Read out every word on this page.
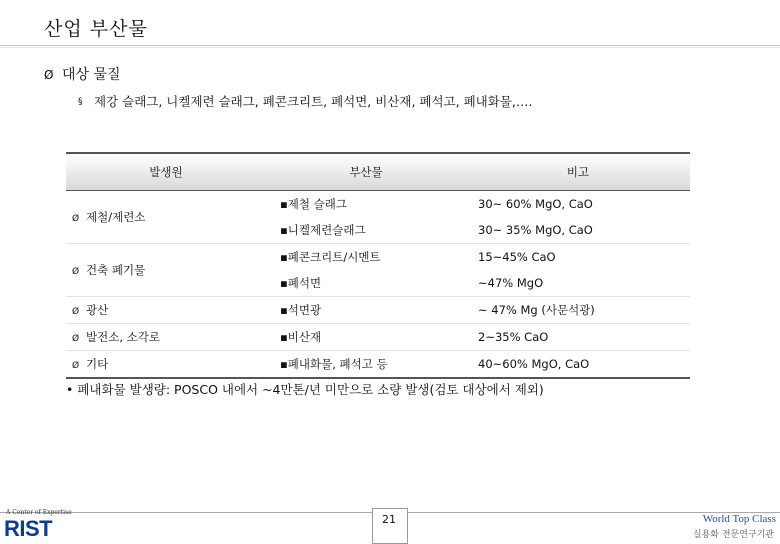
산업 부산물
Ø 대상 물질
§ 제강 슬래그, 니켈제련 슬래그, 폐콘크리트, 폐석면, 비산재, 폐석고, 폐내화물,….
발생원	부산물	비고
Ø 제철/제련소	▪제철 슬래그	30~ 60% MgO, CaO
	▪니켈제련슬래그	30~ 35% MgO, CaO
Ø 건축 폐기물	▪폐콘크리트/시멘트	15~45% CaO
	▪폐석면	~47% MgO
Ø 광산	▪석면광	~ 47% Mg (사문석광)
Ø 발전소, 소각로	▪비산재	2~35% CaO
Ø 기타	▪폐내화물, 폐석고 등	40~60% MgO, CaO
• 폐내화물 발생량: POSCO 내에서 ~4만톤/년 미만으로 소량 발생(검토 대상에서 제외)
A Center of Expertise
RIST	21	World Top Class
실용화 전문연구기관
